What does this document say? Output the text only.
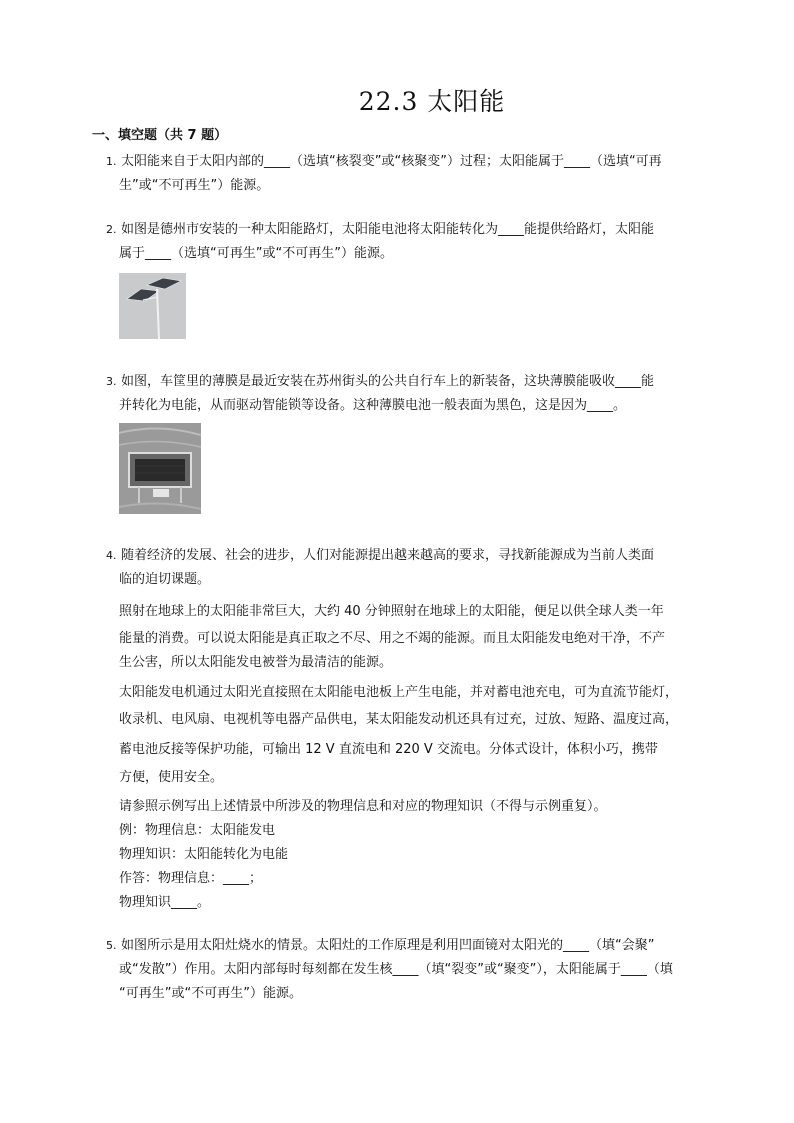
22.3 太阳能
一、填空题（共 7 题）
1. 太阳能来自于太阳内部的____（选填“核裂变”或“核聚变”）过程；太阳能属于____（选填“可再
生”或“不可再生”）能源。
2. 如图是德州市安装的一种太阳能路灯，太阳能电池将太阳能转化为____能提供给路灯，太阳能
属于____（选填“可再生”或“不可再生”）能源。
3. 如图，车筐里的薄膜是最近安装在苏州街头的公共自行车上的新装备，这块薄膜能吸收____能
并转化为电能，从而驱动智能锁等设备。这种薄膜电池一般表面为黑色，这是因为____。
4. 随着经济的发展、社会的进步，人们对能源提出越来越高的要求，寻找新能源成为当前人类面
临的迫切课题。
照射在地球上的太阳能非常巨大，大约 40 分钟照射在地球上的太阳能，便足以供全球人类一年
能量的消费。可以说太阳能是真正取之不尽、用之不竭的能源。而且太阳能发电绝对干净，不产
生公害，所以太阳能发电被誉为最清洁的能源。
太阳能发电机通过太阳光直接照在太阳能电池板上产生电能，并对蓄电池充电，可为直流节能灯，
收录机、电风扇、电视机等电器产品供电，某太阳能发动机还具有过充，过放、短路、温度过高，
蓄电池反接等保护功能，可输出 12 V 直流电和 220 V 交流电。分体式设计，体积小巧，携带
方便，使用安全。
请参照示例写出上述情景中所涉及的物理信息和对应的物理知识（不得与示例重复）。
例：物理信息：太阳能发电
物理知识：太阳能转化为电能
作答：物理信息：____；
物理知识____。
5. 如图所示是用太阳灶烧水的情景。太阳灶的工作原理是利用凹面镜对太阳光的____（填“会聚”
或“发散”）作用。太阳内部每时每刻都在发生核____（填“裂变”或“聚变”），太阳能属于____（填
“可再生”或“不可再生”）能源。
